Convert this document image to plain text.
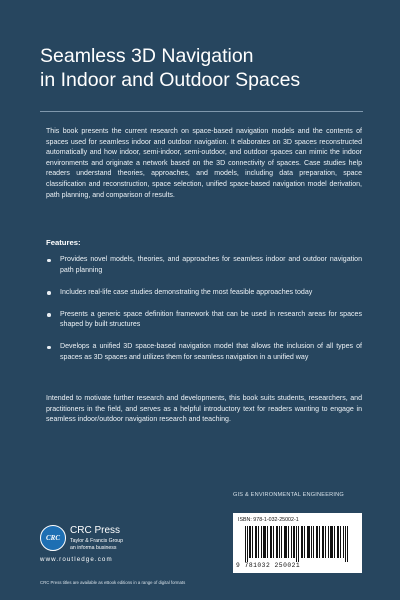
Seamless 3D Navigation
in Indoor and Outdoor Spaces

This book presents the current research on space-based navigation models and the contents of spaces used for seamless indoor and outdoor navigation. It elaborates on 3D spaces reconstructed automatically and how indoor, semi-indoor, semi-outdoor, and outdoor spaces can mimic the indoor environments and originate a network based on the 3D connectivity of spaces. Case studies help readers understand theories, approaches, and models, including data preparation, space classification and reconstruction, space selection, unified space-based navigation model derivation, path planning, and comparison of results.

Features:

Provides novel models, theories, and approaches for seamless indoor and outdoor navigation path planning
Includes real-life case studies demonstrating the most feasible approaches today
Presents a generic space definition framework that can be used in research areas for spaces shaped by built structures
Develops a unified 3D space-based navigation model that allows the inclusion of all types of spaces as 3D spaces and utilizes them for seamless navigation in a unified way

Intended to motivate further research and developments, this book suits students, researchers, and practitioners in the field, and serves as a helpful introductory text for readers wanting to engage in seamless indoor/outdoor navigation research and teaching.

GIS & ENVIRONMENTAL ENGINEERING
ISBN: 978-1-032-25002-1
9 781032 250021
CRC
CRC Press
Taylor & Francis Group
an informa business
www.routledge.com
CRC Press titles are available as eBook editions in a range of digital formats
